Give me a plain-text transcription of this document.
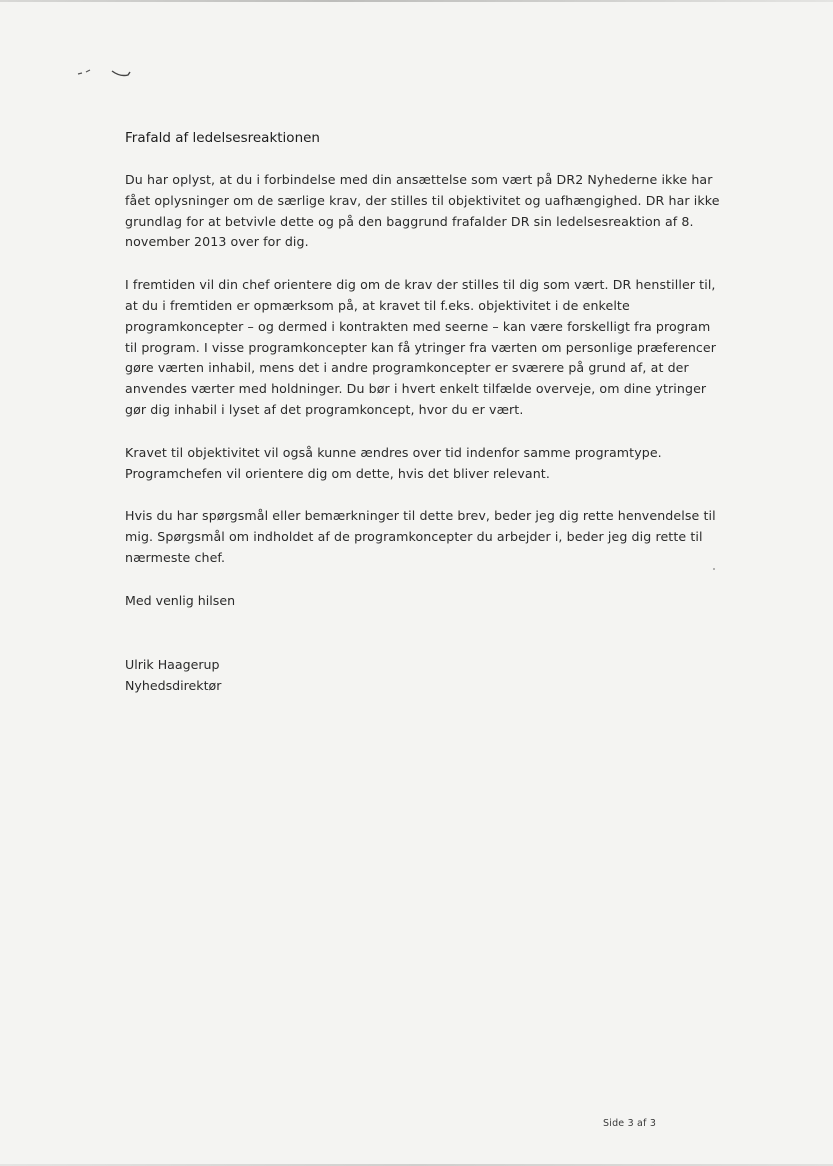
Frafald af ledelsesreaktionen

Du har oplyst, at du i forbindelse med din ansættelse som vært på DR2 Nyhederne ikke har fået oplysninger om de særlige krav, der stilles til objektivitet og uafhængighed. DR har ikke grundlag for at betvivle dette og på den baggrund frafalder DR sin ledelsesreaktion af 8. november 2013 over for dig.

I fremtiden vil din chef orientere dig om de krav der stilles til dig som vært. DR henstiller til, at du i fremtiden er opmærksom på, at kravet til f.eks. objektivitet i de enkelte programkoncepter – og dermed i kontrakten med seerne – kan være forskelligt fra program til program. I visse programkoncepter kan få ytringer fra værten om personlige præferencer gøre værten inhabil, mens det i andre programkoncepter er sværere på grund af, at der anvendes værter med holdninger. Du bør i hvert enkelt tilfælde overveje, om dine ytringer gør dig inhabil i lyset af det programkoncept, hvor du er vært.

Kravet til objektivitet vil også kunne ændres over tid indenfor samme programtype. Programchefen vil orientere dig om dette, hvis det bliver relevant.

Hvis du har spørgsmål eller bemærkninger til dette brev, beder jeg dig rette henvendelse til mig. Spørgsmål om indholdet af de programkoncepter du arbejder i, beder jeg dig rette til nærmeste chef.

Med venlig hilsen

Ulrik Haagerup

Nyhedsdirektør

Side 3 af 3
